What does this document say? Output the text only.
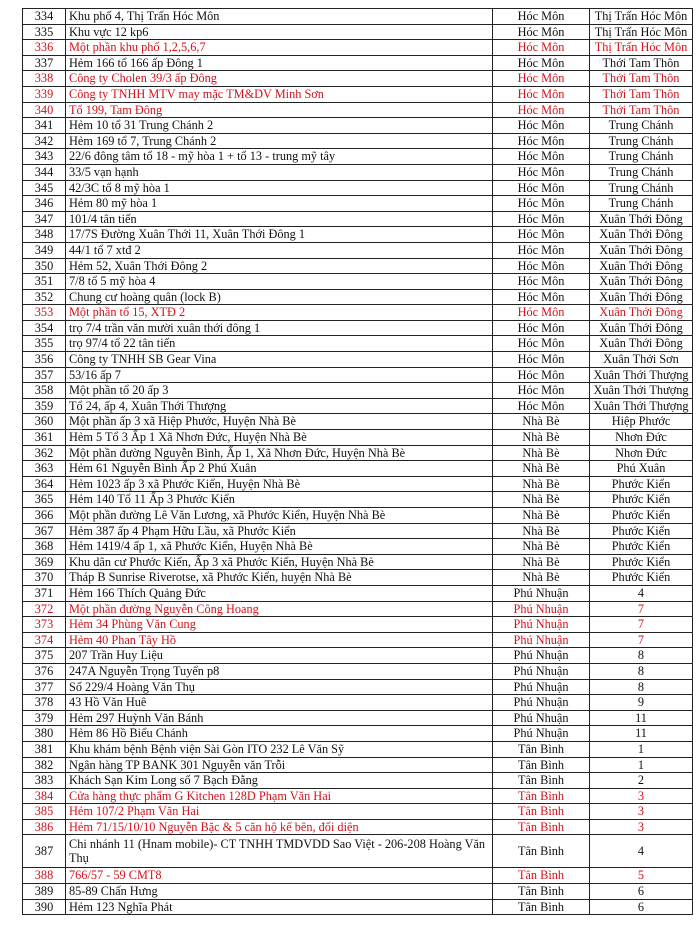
334	Khu phố 4, Thị Trấn Hóc Môn	Hóc Môn	Thị Trấn Hóc Môn
335	Khu vực 12 kp6	Hóc Môn	Thị Trấn Hóc Môn
336	Một phần khu phố 1,2,5,6,7	Hóc Môn	Thị Trấn Hóc Môn
337	Hẻm 166 tổ 166 ấp Đông 1	Hóc Môn	Thới Tam Thôn
338	Công ty Cholen 39/3 ấp Đông	Hóc Môn	Thới Tam Thôn
339	Công ty TNHH MTV may mặc TM&DV Minh Sơn	Hóc Môn	Thới Tam Thôn
340	Tổ 199, Tam Đông	Hóc Môn	Thới Tam Thôn
341	Hẻm 10 tổ 31 Trung Chánh 2	Hóc Môn	Trung Chánh
342	Hẻm 169 tổ 7, Trung Chánh 2	Hóc Môn	Trung Chánh
343	22/6 đông tâm tổ 18 - mỹ hòa 1 + tổ 13 - trung mỹ tây	Hóc Môn	Trung Chánh
344	33/5 vạn hạnh	Hóc Môn	Trung Chánh
345	42/3C tổ 8 mỹ hòa 1	Hóc Môn	Trung Chánh
346	Hẻm 80 mỹ hòa 1	Hóc Môn	Trung Chánh
347	101/4 tân tiến	Hóc Môn	Xuân Thới Đông
348	17/7S Đường Xuân Thới 11, Xuân Thới Đông 1	Hóc Môn	Xuân Thới Đông
349	44/1 tổ 7 xtđ 2	Hóc Môn	Xuân Thới Đông
350	Hẻm 52, Xuân Thới Đông 2	Hóc Môn	Xuân Thới Đông
351	7/8 tổ 5 mỹ hòa 4	Hóc Môn	Xuân Thới Đông
352	Chung cư hoàng quân (lock B)	Hóc Môn	Xuân Thới Đông
353	Một phần tổ 15, XTĐ 2	Hóc Môn	Xuân Thới Đông
354	trọ 7/4 trần văn mười xuân thới đông 1	Hóc Môn	Xuân Thới Đông
355	trọ 97/4 tổ 22 tân tiến	Hóc Môn	Xuân Thới Đông
356	Công ty TNHH SB Gear Vina	Hóc Môn	Xuân Thới Sơn
357	53/16 ấp 7	Hóc Môn	Xuân Thới Thượng
358	Một phần tổ 20 ấp 3	Hóc Môn	Xuân Thới Thượng
359	Tổ 24, ấp 4, Xuân Thới Thượng	Hóc Môn	Xuân Thới Thượng
360	Một phần ấp 3 xã Hiệp Phước, Huyện Nhà Bè	Nhà Bè	Hiệp Phước
361	Hẻm 5 Tổ 3 Ấp 1 Xã Nhơn Đức, Huyện Nhà Bè	Nhà Bè	Nhơn Đức
362	Một phần đường Nguyễn Bình, Ấp 1, Xã Nhơn Đức, Huyện Nhà Bè	Nhà Bè	Nhơn Đức
363	Hẻm 61 Nguyễn Bình Ấp 2 Phú Xuân	Nhà Bè	Phú Xuân
364	Hẻm 1023 ấp 3 xã Phước Kiển, Huyện Nhà Bè	Nhà Bè	Phước Kiển
365	Hẻm 140 Tổ 11 Ấp 3 Phước Kiển	Nhà Bè	Phước Kiển
366	Một phần đường Lê Văn Lương, xã Phước Kiển, Huyện Nhà Bè	Nhà Bè	Phước Kiển
367	Hẻm 387 ấp 4 Phạm Hữu Lầu, xã Phước Kiển	Nhà Bè	Phước Kiển
368	Hẻm 1419/4 ấp 1, xã Phước Kiển, Huyện Nhà Bè	Nhà Bè	Phước Kiển
369	Khu dân cư Phước Kiển, Ấp 3 xã Phước Kiển, Huyện Nhà Bè	Nhà Bè	Phước Kiển
370	Tháp B Sunrise Riverotse, xã Phước Kiển, huyện Nhà Bè	Nhà Bè	Phước Kiển
371	Hẻm 166 Thích Quảng Đức	Phú Nhuận	4
372	Một phần đường Nguyễn Công Hoang	Phú Nhuận	7
373	Hẻm 34 Phùng Văn Cung	Phú Nhuận	7
374	Hẻm 40 Phan Tây Hồ	Phú Nhuận	7
375	207 Trần Huy Liệu	Phú Nhuận	8
376	247A Nguyễn Trọng Tuyển p8	Phú Nhuận	8
377	Số 229/4 Hoàng Văn Thụ	Phú Nhuận	8
378	43 Hồ Văn Huê	Phú Nhuận	9
379	Hẻm 297 Huỳnh Văn Bánh	Phú Nhuận	11
380	Hẻm 86 Hồ Biểu Chánh	Phú Nhuận	11
381	Khu khám bệnh Bệnh viện Sài Gòn ITO 232 Lê Văn Sỹ	Tân Bình	1
382	Ngân hàng TP BANK 301 Nguyễn văn Trỗi	Tân Bình	1
383	Khách Sạn Kim Long số 7 Bạch Đằng	Tân Bình	2
384	Cửa hàng thực phẩm G Kitchen 128D Phạm Văn Hai	Tân Bình	3
385	Hẻm 107/2 Phạm Văn Hai	Tân Bình	3
386	Hẻm 71/15/10/10 Nguyễn Bặc & 5 căn hộ kế bên, đối diện	Tân Bình	3
387	Chi nhánh 11 (Hnam mobile)- CT TNHH TMDVDD Sao Việt - 206-208 Hoàng Văn Thụ	Tân Bình	4
388	766/57 - 59 CMT8	Tân Bình	5
389	85-89 Chấn Hưng	Tân Bình	6
390	Hẻm 123 Nghĩa Phát	Tân Bình	6
